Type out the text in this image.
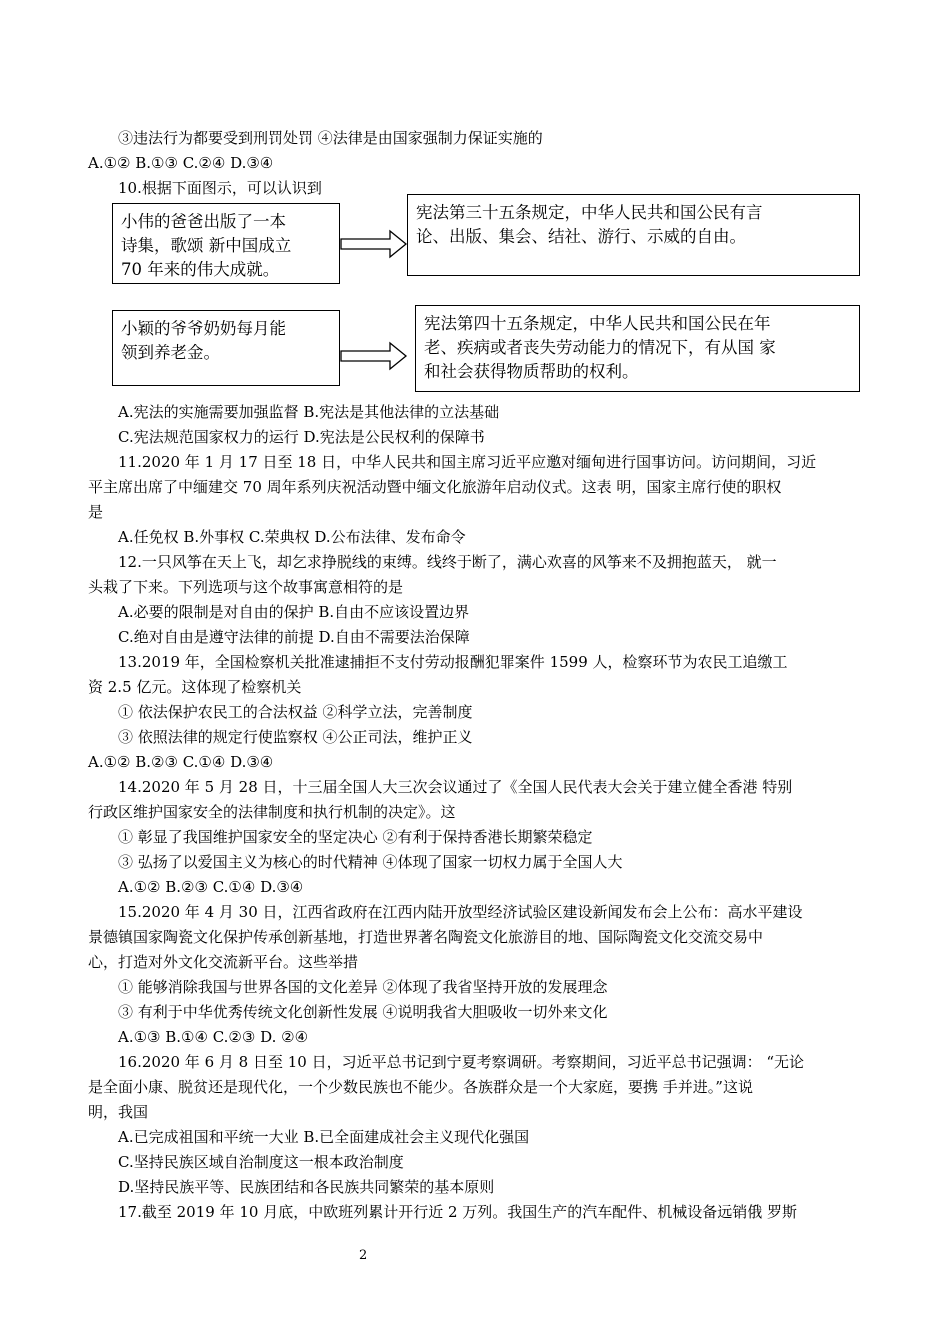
③违法行为都要受到刑罚处罚 ④法律是由国家强制力保证实施的
A.①② B.①③ C.②④ D.③④
10.根据下面图示，可以认识到
小伟的爸爸出版了一本
诗集，歌颂 新中国成立
70 年来的伟大成就。
宪法第三十五条规定，中华人民共和国公民有言
论、出版、集会、结社、游行、示威的自由。
小颖的爷爷奶奶每月能
领到养老金。
宪法第四十五条规定，中华人民共和国公民在年
老、疾病或者丧失劳动能力的情况下，有从国 家
和社会获得物质帮助的权利。
A.宪法的实施需要加强监督 B.宪法是其他法律的立法基础
C.宪法规范国家权力的运行 D.宪法是公民权利的保障书
11.2020 年 1 月 17 日至 18 日，中华人民共和国主席习近平应邀对缅甸进行国事访问。访问期间，习近
平主席出席了中缅建交 70 周年系列庆祝活动暨中缅文化旅游年启动仪式。这表 明，国家主席行使的职权
是
A.任免权 B.外事权 C.荣典权 D.公布法律、发布命令
12.一只风筝在天上飞，却乞求挣脱线的束缚。线终于断了，满心欢喜的风筝来不及拥抱蓝天， 就一
头栽了下来。下列选项与这个故事寓意相符的是
A.必要的限制是对自由的保护 B.自由不应该设置边界
C.绝对自由是遵守法律的前提 D.自由不需要法治保障
13.2019 年，全国检察机关批准逮捕拒不支付劳动报酬犯罪案件 1599 人，检察环节为农民工追缴工
资 2.5 亿元。这体现了检察机关
① 依法保护农民工的合法权益 ②科学立法，完善制度
③ 依照法律的规定行使监察权 ④公正司法，维护正义
A.①② B.②③ C.①④ D.③④
14.2020 年 5 月 28 日，十三届全国人大三次会议通过了《全国人民代表大会关于建立健全香港 特别
行政区维护国家安全的法律制度和执行机制的决定》。这
① 彰显了我国维护国家安全的坚定决心 ②有利于保持香港长期繁荣稳定
③ 弘扬了以爱国主义为核心的时代精神 ④体现了国家一切权力属于全国人大
A.①② B.②③ C.①④ D.③④
15.2020 年 4 月 30 日，江西省政府在江西内陆开放型经济试验区建设新闻发布会上公布：高水平建设
景德镇国家陶瓷文化保护传承创新基地，打造世界著名陶瓷文化旅游目的地、国际陶瓷文化交流交易中
心，打造对外文化交流新平台。这些举措
① 能够消除我国与世界各国的文化差异 ②体现了我省坚持开放的发展理念
③ 有利于中华优秀传统文化创新性发展 ④说明我省大胆吸收一切外来文化
A.①③ B.①④ C.②③ D. ②④
16.2020 年 6 月 8 日至 10 日，习近平总书记到宁夏考察调研。考察期间，习近平总书记强调： “无论
是全面小康、脱贫还是现代化，一个少数民族也不能少。各族群众是一个大家庭，要携 手并进。”这说
明，我国
A.已完成祖国和平统一大业 B.已全面建成社会主义现代化强国
C.坚持民族区域自治制度这一根本政治制度
D.坚持民族平等、民族团结和各民族共同繁荣的基本原则
17.截至 2019 年 10 月底，中欧班列累计开行近 2 万列。我国生产的汽车配件、机械设备远销俄 罗斯
2
